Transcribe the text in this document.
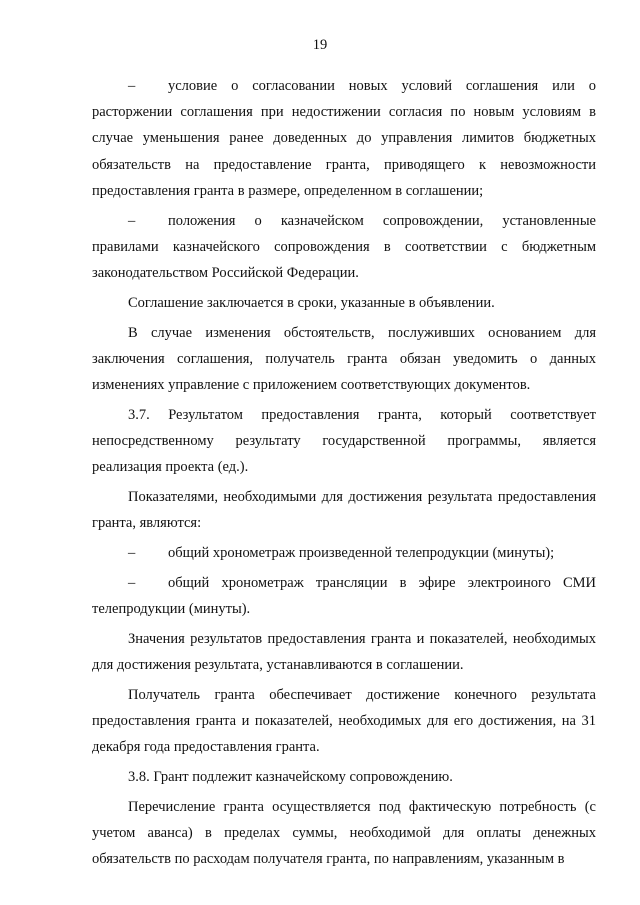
19

– условие о согласовании новых условий соглашения или о расторжении соглашения при недостижении согласия по новым условиям в случае уменьшения ранее доведенных до управления лимитов бюджетных обязательств на предоставление гранта, приводящего к невозможности предоставления гранта в размере, определенном в соглашении;

– положения о казначейском сопровождении, установленные правилами казначейского сопровождения в соответствии с бюджетным законодательством Российской Федерации.

Соглашение заключается в сроки, указанные в объявлении.

В случае изменения обстоятельств, послуживших основанием для заключения соглашения, получатель гранта обязан уведомить о данных изменениях управление с приложением соответствующих документов.

3.7. Результатом предоставления гранта, который соответствует непосредственному результату государственной программы, является реализация проекта (ед.).

Показателями, необходимыми для достижения результата предоставления гранта, являются:

– общий хронометраж произведенной телепродукции (минуты);

– общий хронометраж трансляции в эфире электроиного СМИ телепродукции (минуты).

Значения результатов предоставления гранта и показателей, необходимых для достижения результата, устанавливаются в соглашении.

Получатель гранта обеспечивает достижение конечного результата предоставления гранта и показателей, необходимых для его достижения, на 31 декабря года предоставления гранта.

3.8. Грант подлежит казначейскому сопровождению.

Перечисление гранта осуществляется под фактическую потребность (с учетом аванса) в пределах суммы, необходимой для оплаты денежных обязательств по расходам получателя гранта, по направлениям, указанным в
